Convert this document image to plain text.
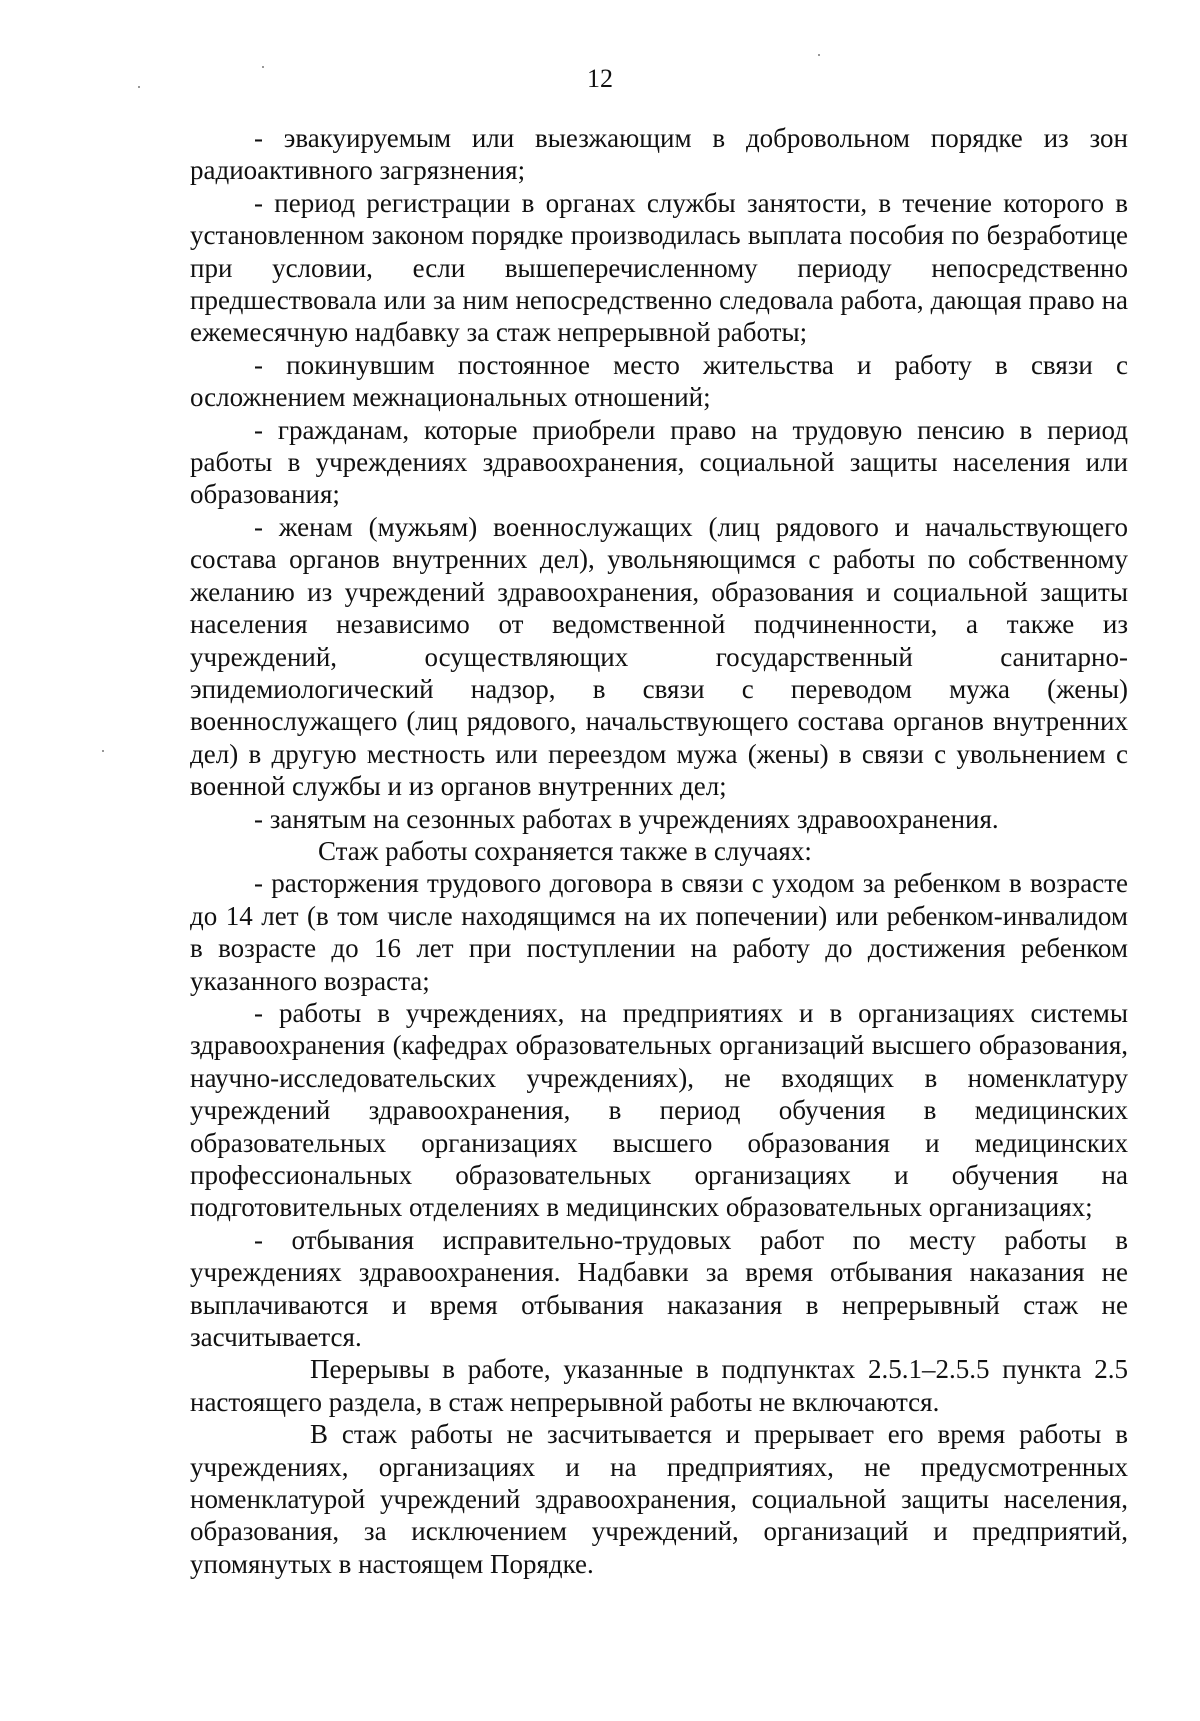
12

- эвакуируемым или выезжающим в добровольном порядке из зон радиоактивного загрязнения;

- период регистрации в органах службы занятости, в течение которого в установленном законом порядке производилась выплата пособия по безработице при условии, если вышеперечисленному периоду непосредственно предшествовала или за ним непосредственно следовала работа, дающая право на ежемесячную надбавку за стаж непрерывной работы;

- покинувшим постоянное место жительства и работу в связи с осложнением межнациональных отношений;

- гражданам, которые приобрели право на трудовую пенсию в период работы в учреждениях здравоохранения, социальной защиты населения или образования;

- женам (мужьям) военнослужащих (лиц рядового и начальствующего состава органов внутренних дел), увольняющимся с работы по собственному желанию из учреждений здравоохранения, образования и социальной защиты населения независимо от ведомственной подчиненности, а также из учреждений, осуществляющих государственный санитарно-эпидемиологический надзор, в связи с переводом мужа (жены) военнослужащего (лиц рядового, начальствующего состава органов внутренних дел) в другую местность или переездом мужа (жены) в связи с увольнением с военной службы и из органов внутренних дел;

- занятым на сезонных работах в учреждениях здравоохранения.

Стаж работы сохраняется также в случаях:

- расторжения трудового договора в связи с уходом за ребенком в возрасте до 14 лет (в том числе находящимся на их попечении) или ребенком-инвалидом в возрасте до 16 лет при поступлении на работу до достижения ребенком указанного возраста;

- работы в учреждениях, на предприятиях и в организациях системы здравоохранения (кафедрах образовательных организаций высшего образования, научно-исследовательских учреждениях), не входящих в номенклатуру учреждений здравоохранения, в период обучения в медицинских образовательных организациях высшего образования и медицинских профессиональных образовательных организациях и обучения на подготовительных отделениях в медицинских образовательных организациях;

- отбывания исправительно-трудовых работ по месту работы в учреждениях здравоохранения. Надбавки за время отбывания наказания не выплачиваются и время отбывания наказания в непрерывный стаж не засчитывается.

Перерывы в работе, указанные в подпунктах 2.5.1–2.5.5 пункта 2.5 настоящего раздела, в стаж непрерывной работы не включаются.

В стаж работы не засчитывается и прерывает его время работы в учреждениях, организациях и на предприятиях, не предусмотренных номенклатурой учреждений здравоохранения, социальной защиты населения, образования, за исключением учреждений, организаций и предприятий, упомянутых в настоящем Порядке.
